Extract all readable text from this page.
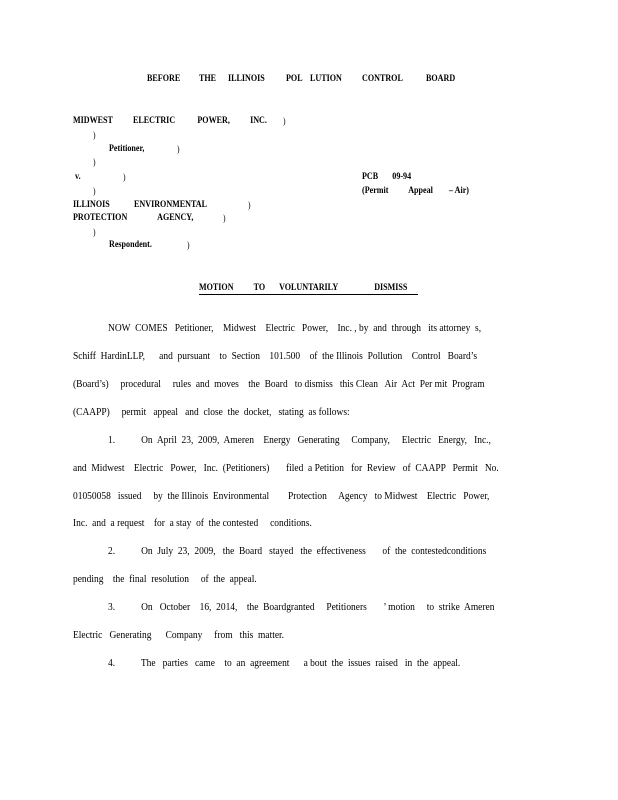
BEFORE THE ILLINOIS POL LUTION CONTROL BOARD
MIDWEST          ELECTRIC           POWER,          INC. )
)
Petitioner,	)
)
v.	)
)
ILLINOIS            ENVIRONMENTAL	)
PROTECTION               AGENCY,	)
)
Respondent.	)
PCB       09-94
(Permit          Appeal        – Air)
MOTION          TO       VOLUNTARILY                  DISMISS
NOW  COMES   Petitioner,    Midwest    Electric   Power,    Inc. , by  and  through   its attorney  s,
Schiff  HardinLLP,      and  pursuant    to  Section    101.500    of  the Illinois  Pollution    Control   Board’s
(Board’s)     procedural     rules  and  moves    the  Board   to dismiss   this Clean   Air  Act  Per mit  Program
(CAAPP)     permit   appeal   and  close  the  docket,   stating  as follows:
1.           On  April  23,  2009,  Ameren    Energy   Generating     Company,     Electric   Energy,   Inc.,
and  Midwest    Electric   Power,   Inc.  (Petitioners)       filed  a Petition   for  Review   of  CAAPP   Permit   No.
01050058   issued     by  the Illinois  Environmental        Protection     Agency   to Midwest    Electric   Power,
Inc.  and  a request    for  a stay  of  the contested     conditions.
2.           On  July  23,  2009,   the  Board   stayed   the  effectiveness       of  the  contestedconditions
pending    the  final  resolution     of  the  appeal.
3.           On   October    16,  2014,    the  Boardgranted     Petitioners       ’ motion     to  strike  Ameren
Electric   Generating      Company     from   this  matter.
4.           The   parties   came    to  an  agreement      a bout  the  issues  raised   in  the  appeal.
